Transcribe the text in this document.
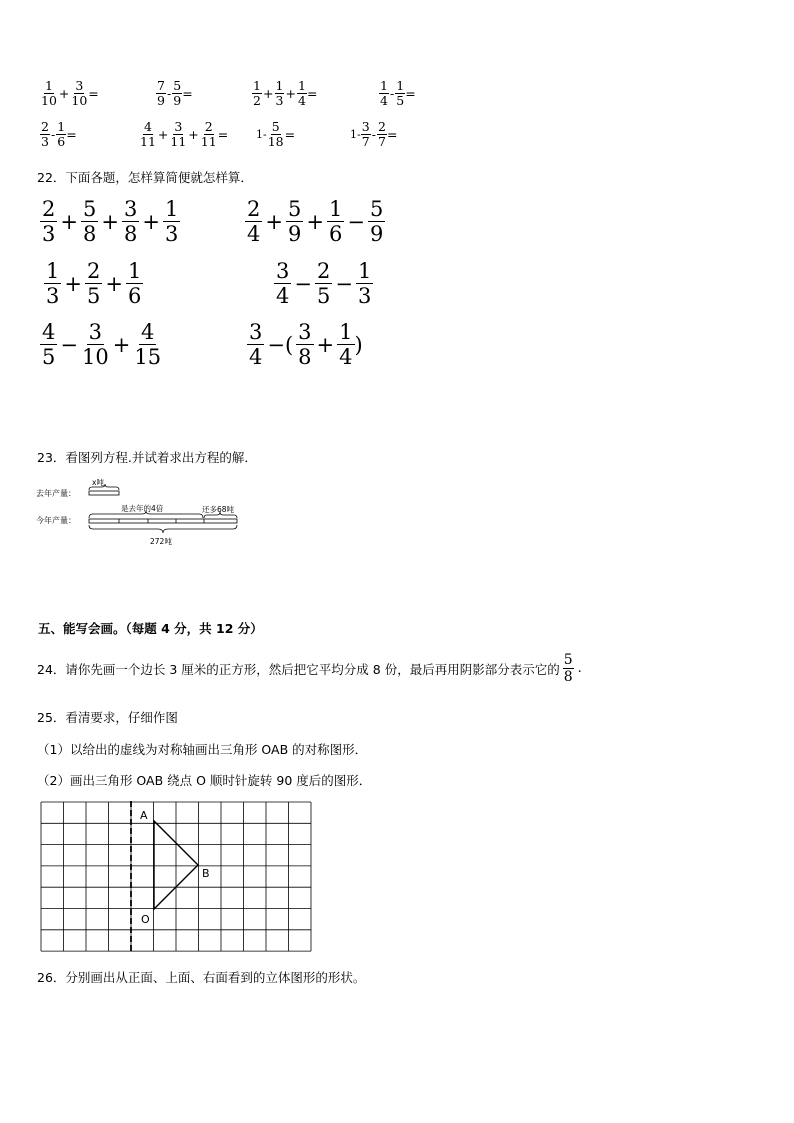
$\frac{1}{10} + \frac{3}{10}$ =	$\frac{7}{9} - \frac{5}{9}$ =	$\frac{1}{2} + \frac{1}{3} + \frac{1}{4}$ =	$\frac{1}{4} - \frac{1}{5}$ =
$\frac{2}{3} - \frac{1}{6}$ =	$\frac{4}{11} + \frac{3}{11} + \frac{2}{11}$ =	$1- \frac{5}{18}$ =	$1- \frac{3}{7} - \frac{2}{7}$ =
22．下面各题，怎样算简便就怎样算．
$\frac{2}{3} + \frac{5}{8} + \frac{3}{8} + \frac{1}{3}$	$\frac{2}{4} + \frac{5}{9} + \frac{1}{6} - \frac{5}{9}$
$\frac{1}{3} + \frac{2}{5} + \frac{1}{6}$	$\frac{3}{4} - \frac{2}{5} - \frac{1}{3}$
$\frac{4}{5} - \frac{3}{10} + \frac{4}{15}$	$\frac{3}{4}$ −( $\frac{3}{8} + \frac{1}{4}$ )
23．看图列方程.并试着求出方程的解．
去年产量：
x吨
今年产量：
是去年的4倍	还多68吨
272吨
五、能写会画。（每题 4 分，共 12 分）
24．请你先画一个边长 3 厘米的正方形，然后把它平均分成 8 份，最后再用阴影部分表示它的 $\frac{5}{8}$ .
25．看清要求，仔细作图
（1）以给出的虚线为对称轴画出三角形 OAB 的对称图形．
（2）画出三角形 OAB 绕点 O 顺时针旋转 90 度后的图形．
A
B
O
26．分别画出从正面、上面、右面看到的立体图形的形状。
